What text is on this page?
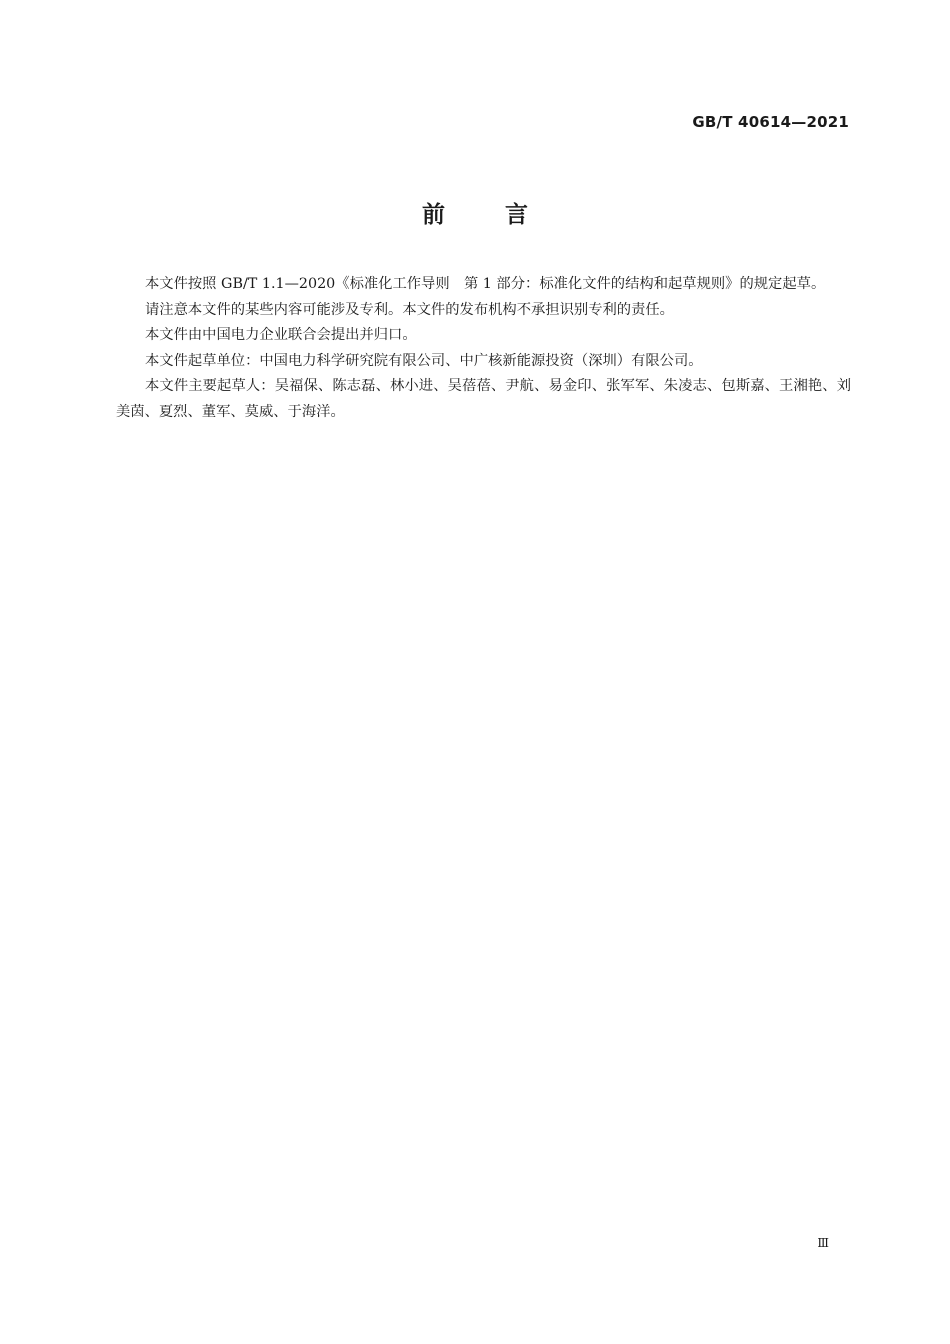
GB/T 40614—2021
前言

本文件按照 GB/T 1.1—2020《标准化工作导则　第 1 部分：标准化文件的结构和起草规则》的规定起草。

请注意本文件的某些内容可能涉及专利。本文件的发布机构不承担识别专利的责任。

本文件由中国电力企业联合会提出并归口。

本文件起草单位：中国电力科学研究院有限公司、中广核新能源投资（深圳）有限公司。

本文件主要起草人：吴福保、陈志磊、林小进、吴蓓蓓、尹航、易金印、张军军、朱凌志、包斯嘉、王湘艳、刘美茵、夏烈、董军、莫威、于海洋。

Ⅲ
